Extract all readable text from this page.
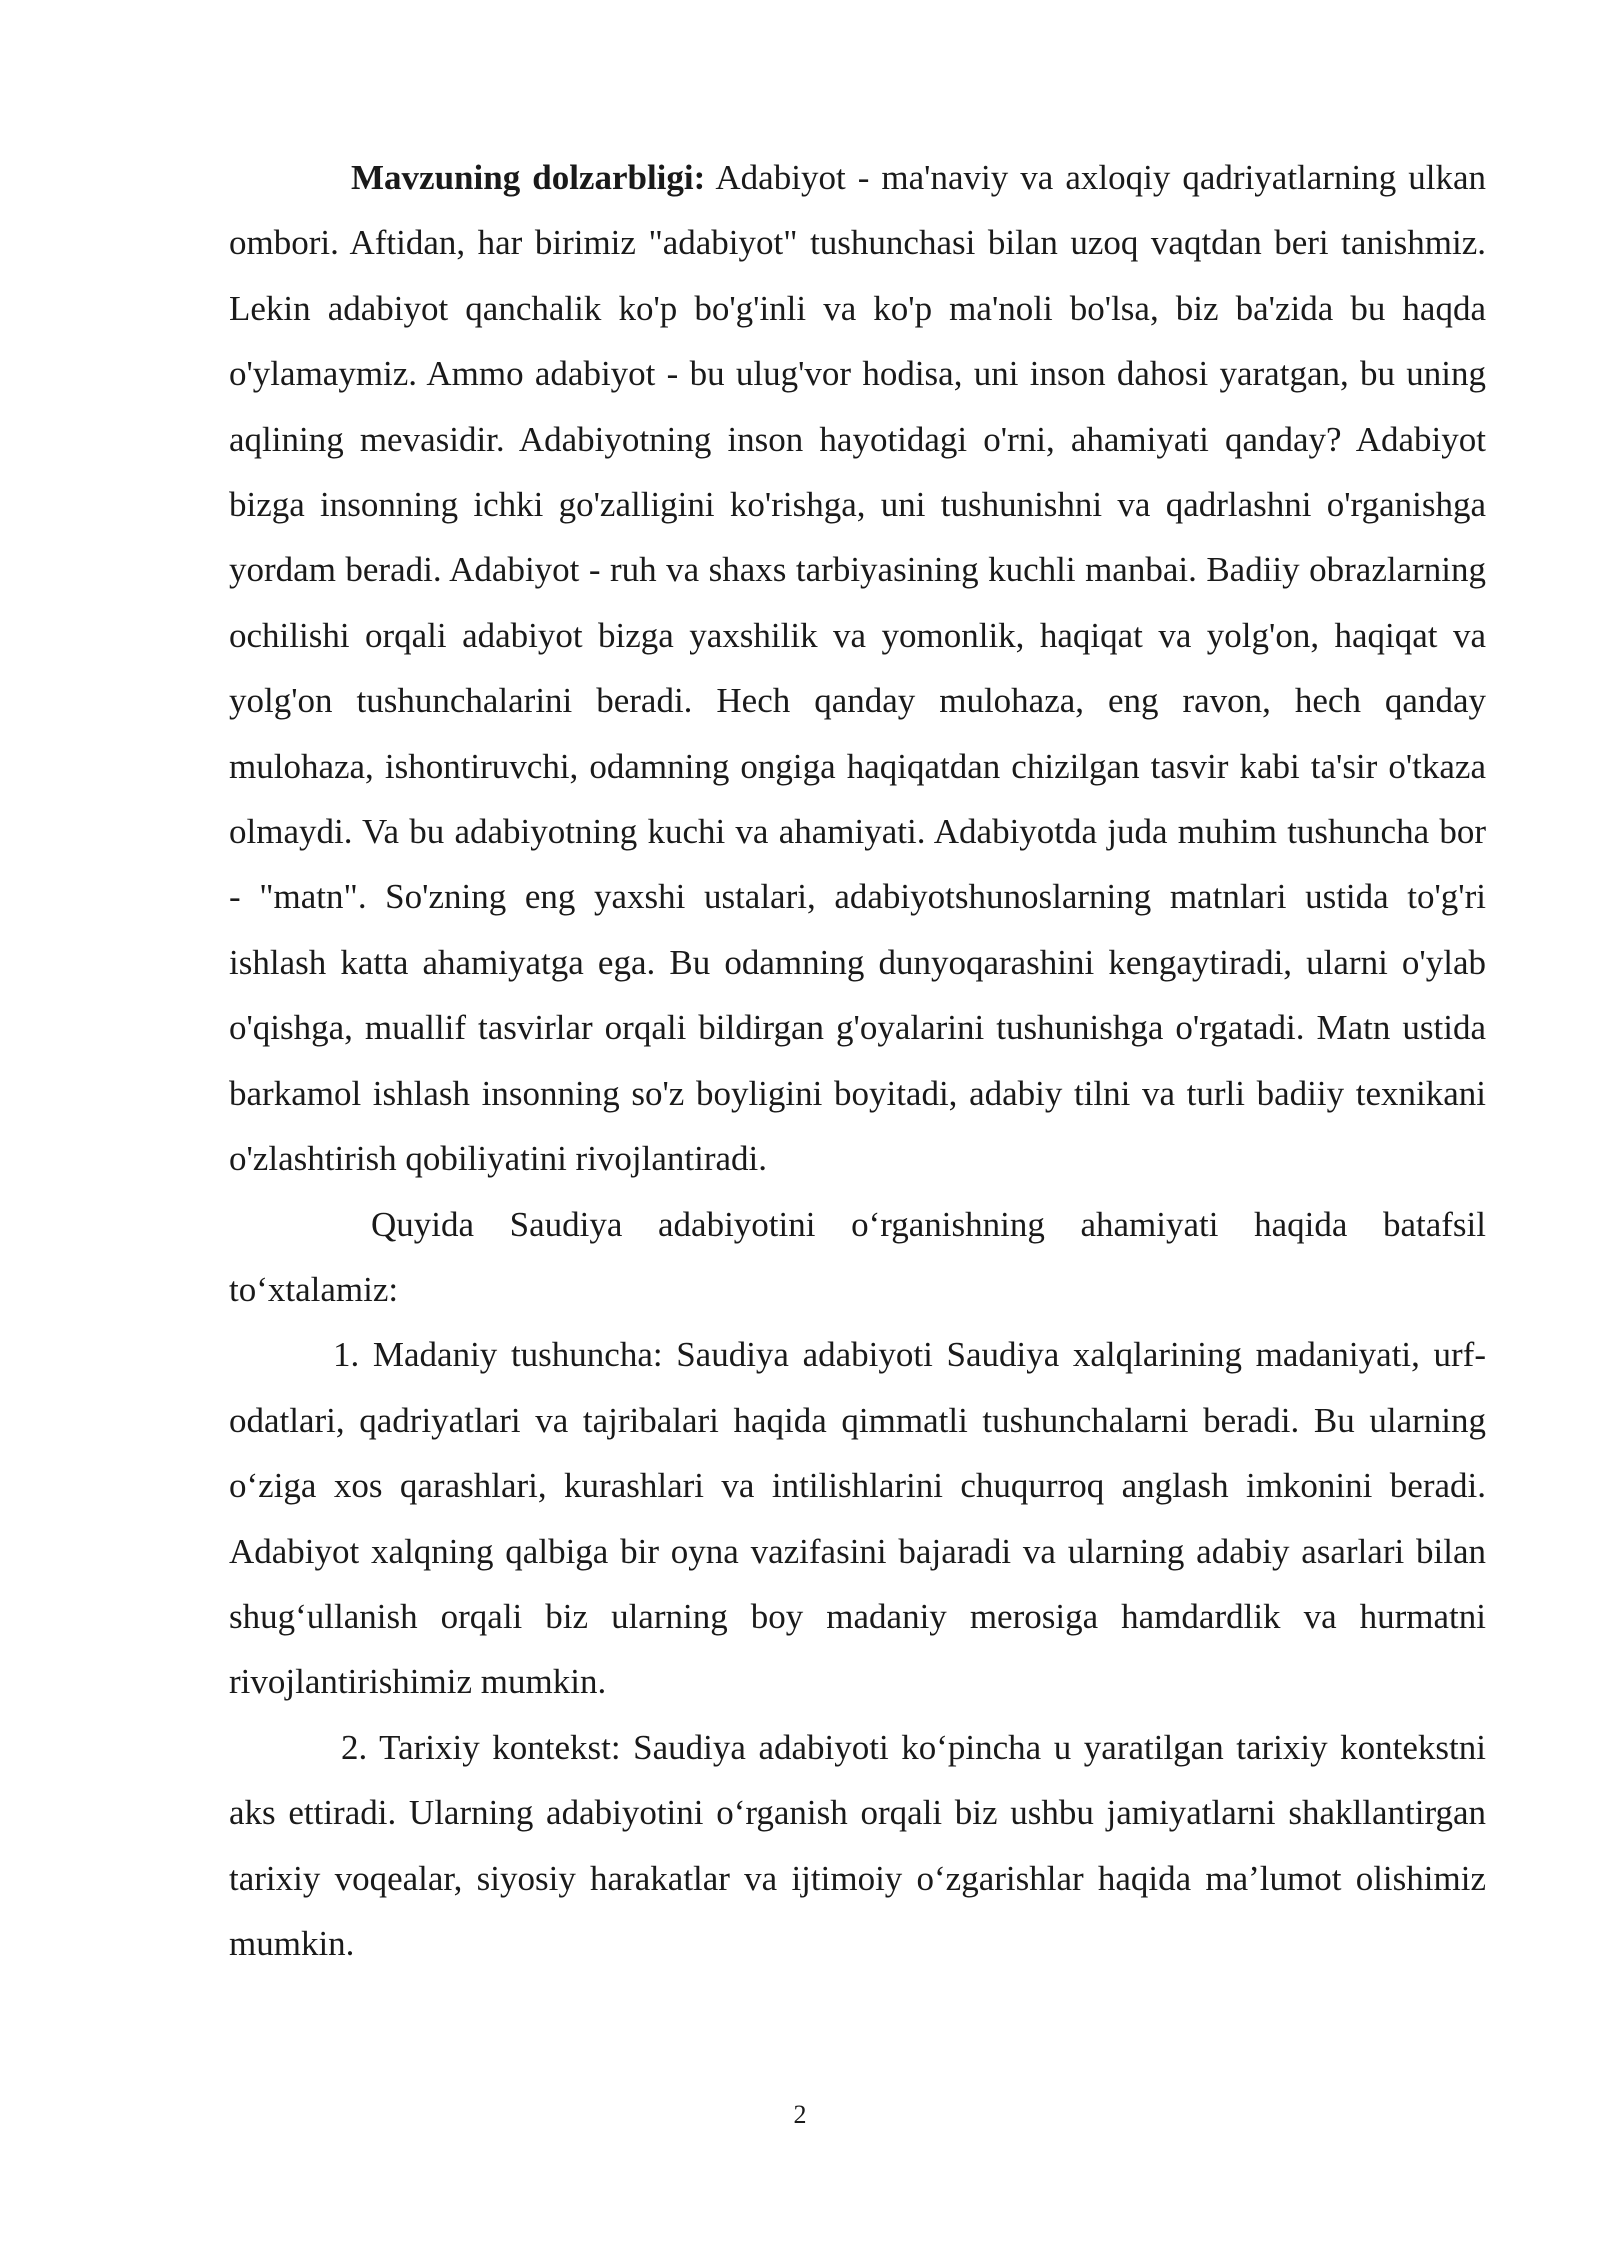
Mavzuning dolzarbligi: Adabiyot - ma'naviy va axloqiy qadriyatlarning ulkan ombori. Aftidan, har birimiz "adabiyot" tushunchasi bilan uzoq vaqtdan beri tanishmiz. Lekin adabiyot qanchalik ko'p bo'g'inli va ko'p ma'noli bo'lsa, biz ba'zida bu haqda o'ylamaymiz. Ammo adabiyot - bu ulug'vor hodisa, uni inson dahosi yaratgan, bu uning aqlining mevasidir. Adabiyotning inson hayotidagi o'rni, ahamiyati qanday? Adabiyot bizga insonning ichki go'zalligini ko'rishga, uni tushunishni va qadrlashni o'rganishga yordam beradi. Adabiyot - ruh va shaxs tarbiyasining kuchli manbai. Badiiy obrazlarning ochilishi orqali adabiyot bizga yaxshilik va yomonlik, haqiqat va yolg'on, haqiqat va yolg'on tushunchalarini beradi. Hech qanday mulohaza, eng ravon, hech qanday mulohaza, ishontiruvchi, odamning ongiga haqiqatdan chizilgan tasvir kabi ta'sir o'tkaza olmaydi. Va bu adabiyotning kuchi va ahamiyati. Adabiyotda juda muhim tushuncha bor - "matn". So'zning eng yaxshi ustalari, adabiyotshunoslarning matnlari ustida to'g'ri ishlash katta ahamiyatga ega. Bu odamning dunyoqarashini kengaytiradi, ularni o'ylab o'qishga, muallif tasvirlar orqali bildirgan g'oyalarini tushunishga o'rgatadi. Matn ustida barkamol ishlash insonning so'z boyligini boyitadi, adabiy tilni va turli badiiy texnikani o'zlashtirish qobiliyatini rivojlantiradi.

Quyida Saudiya adabiyotini o‘rganishning ahamiyati haqida batafsil to‘xtalamiz:

1. Madaniy tushuncha: Saudiya adabiyoti Saudiya xalqlarining madaniyati, urf-odatlari, qadriyatlari va tajribalari haqida qimmatli tushunchalarni beradi. Bu ularning o‘ziga xos qarashlari, kurashlari va intilishlarini chuqurroq anglash imkonini beradi. Adabiyot xalqning qalbiga bir oyna vazifasini bajaradi va ularning adabiy asarlari bilan shug‘ullanish orqali biz ularning boy madaniy merosiga hamdardlik va hurmatni rivojlantirishimiz mumkin.

2. Tarixiy kontekst: Saudiya adabiyoti ko‘pincha u yaratilgan tarixiy kontekstni aks ettiradi. Ularning adabiyotini o‘rganish orqali biz ushbu jamiyatlarni shakllantirgan tarixiy voqealar, siyosiy harakatlar va ijtimoiy o‘zgarishlar haqida ma’lumot olishimiz mumkin.

2
